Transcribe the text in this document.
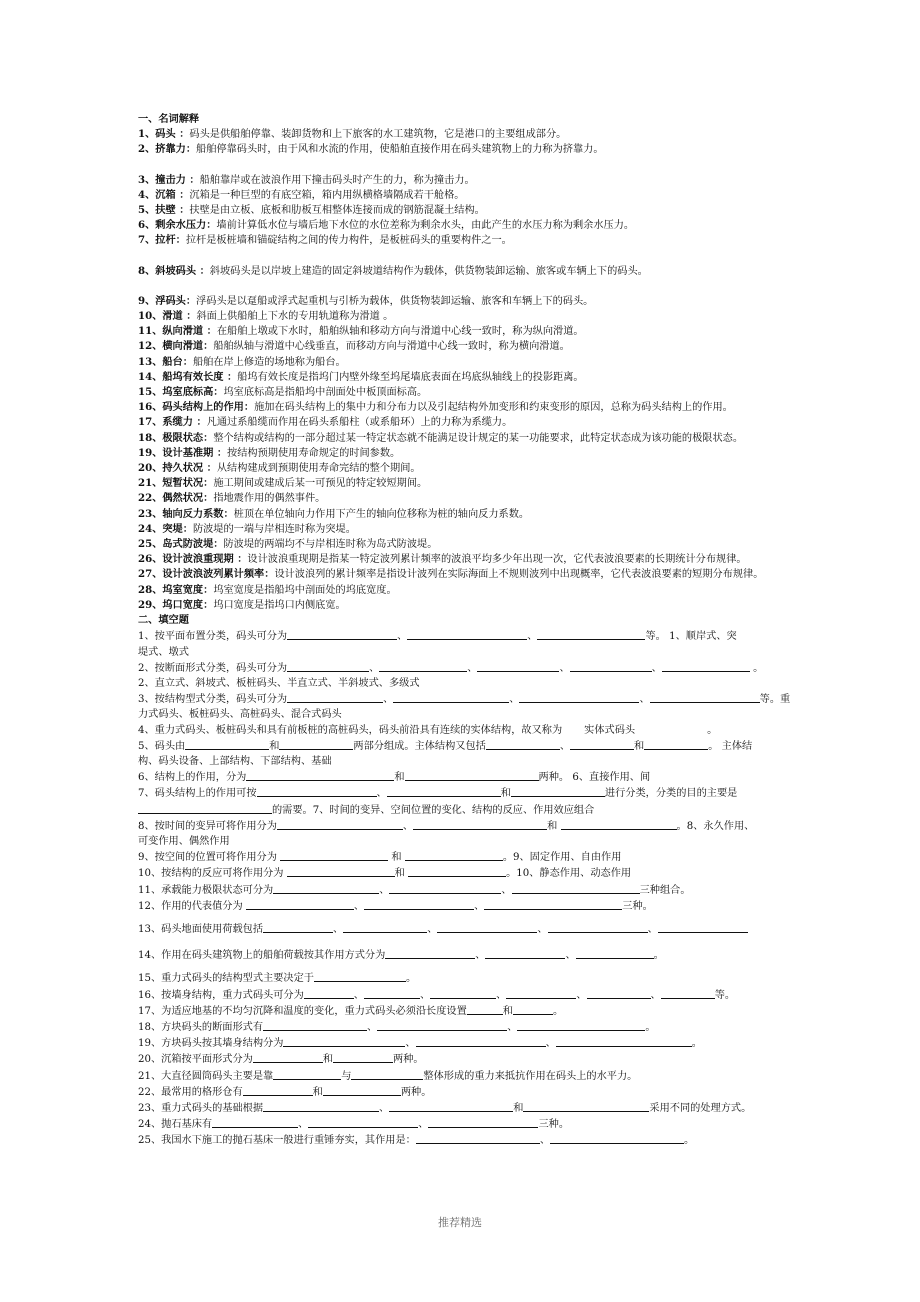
一、名词解释
1、码头 ：码头是供船舶停靠、装卸货物和上下旅客的水工建筑物，它是港口的主要组成部分。
2、挤靠力：船舶停靠码头时，由于风和水流的作用，使船舶直接作用在码头建筑物上的力称为挤靠力。
3、撞击力 ：船舶靠岸或在波浪作用下撞击码头时产生的力，称为撞击力。
4、沉箱 ：沉箱是一种巨型的有底空箱，箱内用纵横格墙隔成若干舱格。
5、扶壁 ：扶壁是由立板、底板和肋板互相整体连接而成的钢筋混凝土结构。
6、剩余水压力：墙前计算低水位与墙后地下水位的水位差称为剩余水头，由此产生的水压力称为剩余水压力。
7、拉杆：拉杆是板桩墙和锚碇结构之间的传力构件，是板桩码头的重要构件之一。
8、斜坡码头 ：斜坡码头是以岸坡上建造的固定斜坡道结构作为载体，供货物装卸运输、旅客或车辆上下的码头。
9、浮码头：浮码头是以趸船或浮式起重机与引桥为载体，供货物装卸运输、旅客和车辆上下的码头。
10、滑道 ：斜面上供船舶上下水的专用轨道称为滑道 。
11、纵向滑道 ：在船舶上墩或下水时，船舶纵轴和移动方向与滑道中心线一致时，称为纵向滑道。
12、横向滑道：船舶纵轴与滑道中心线垂直，而移动方向与滑道中心线一致时，称为横向滑道。
13、船台：船舶在岸上修造的场地称为船台。
14、船坞有效长度 ：船坞有效长度是指坞门内壁外缘至坞尾墙底表面在坞底纵轴线上的投影距离。
15、坞室底标高：坞室底标高是指船坞中剖面处中板顶面标高。
16、码头结构上的作用：施加在码头结构上的集中力和分布力以及引起结构外加变形和约束变形的原因，总称为码头结构上的作用。
17、系缆力 ：凡通过系船缆而作用在码头系船柱（或系船环）上的力称为系缆力。
18、极限状态：整个结构或结构的一部分超过某一特定状态就不能满足设计规定的某一功能要求，此特定状态成为该功能的极限状态。
19、设计基准期 ：按结构预期使用寿命规定的时间参数。
20、持久状况 ：从结构建成到预期使用寿命完结的整个期间。
21、短暂状况：施工期间或建成后某一可预见的特定较短期间。
22、偶然状况：指地震作用的偶然事件。
23、轴向反力系数：桩顶在单位轴向力作用下产生的轴向位移称为桩的轴向反力系数。
24、突堤：防波堤的一端与岸相连时称为突堤。
25、岛式防波堤：防波堤的两端均不与岸相连时称为岛式防波堤。
26、设计波浪重现期 ：设计波浪重现期是指某一特定波列累计频率的波浪平均多少年出现一次，它代表波浪要素的长期统计分布规律。
27、设计波浪波列累计频率：设计波浪列的累计频率是指设计波列在实际海面上不规则波列中出现概率，它代表波浪要素的短期分布规律。
28、坞室宽度：坞室宽度是指船坞中剖面处的坞底宽度。
29、坞口宽度：坞口宽度是指坞口内侧底宽。
二、填空题
1、按平面布置分类，码头可分为	、	、	等。 1、顺岸式、突
堤式、墩式
2、按断面形式分类，码头可分为	、	、	、	、	。
2、直立式、斜坡式、板桩码头、半直立式、半斜坡式、多级式
3、按结构型式分类，码头可分为	、	、	、	等。重
力式码头、板桩码头、高桩码头、混合式码头
4、重力式码头、板桩码头和具有前板桩的高桩码头，码头前沿具有连续的实体结构，故又称为 实体式码头	。
5、码头由	和	两部分组成。主体结构又包括	、	和	。 主体结
构、码头设备、上部结构、下部结构、基础
6、结构上的作用，分为	和	两种。 6、直接作用、间
7、码头结构上的作用可按	、	和	进行分类，分类的目的主要是
的需要。7、时间的变异、空间位置的变化、结构的反应、作用效应组合
8、按时间的变异可将作用分为	、	和	。8、永久作用、
可变作用、偶然作用
9、按空间的位置可将作用分为	和	。9、固定作用、自由作用
10、按结构的反应可将作用分为	和	。10、静态作用、动态作用
11、承载能力极限状态可分为	、	、	三种组合。
12、作用的代表值分为	、	、	三种。
13、码头地面使用荷载包括	、	、	、	、
14、作用在码头建筑物上的船舶荷载按其作用方式分为	、	、	。
15、重力式码头的结构型式主要决定于	。
16、按墙身结构，重力式码头可分为	、	、	、	、	、	等。
17、为适应地基的不均匀沉降和温度的变化，重力式码头必须沿长度设置	和	。
18、方块码头的断面形式有	、	、	。
19、方块码头按其墙身结构分为	、	、	。
20、沉箱按平面形式分为	和	两种。
21、大直径圆筒码头主要是靠	与	整体形成的重力来抵抗作用在码头上的水平力。
22、最常用的格形仓有	和	两种。
23、重力式码头的基础根据	、	和	采用不同的处理方式。
24、抛石基床有	、	、	三种。
25、我国水下施工的抛石基床一般进行重锤夯实，其作用是：	、	。
推荐精选
